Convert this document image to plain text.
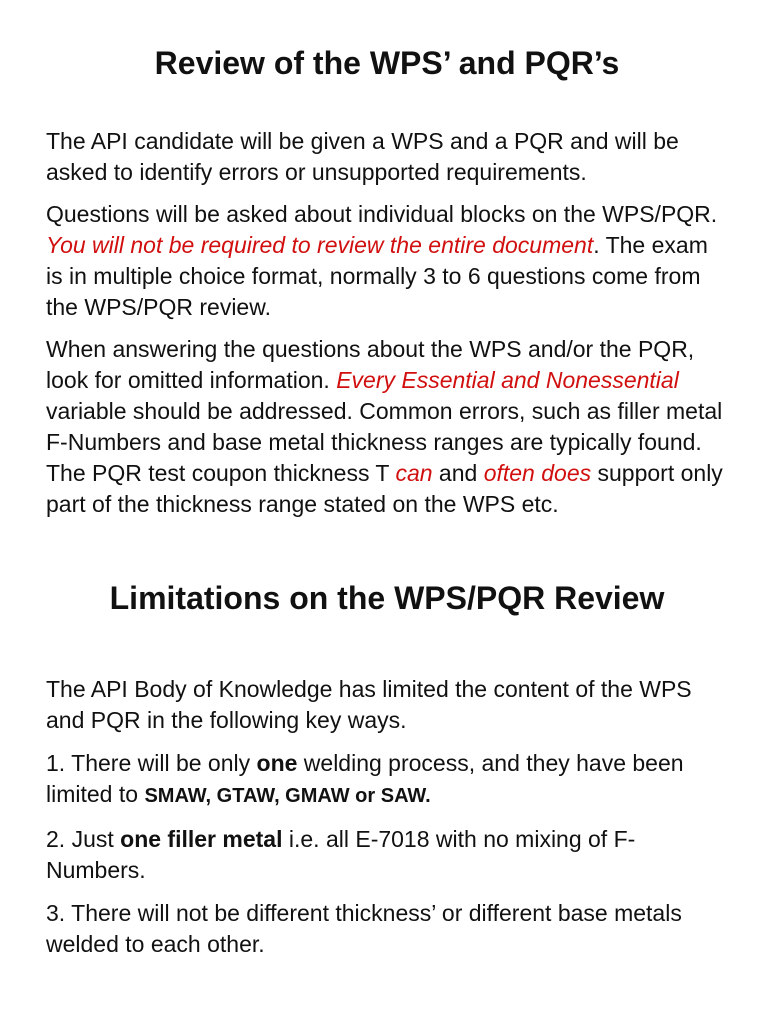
Review of the WPS’ and PQR’s

The API candidate will be given a WPS and a PQR and will be asked to identify errors or unsupported requirements.

Questions will be asked about individual blocks on the WPS/PQR. You will not be required to review the entire document. The exam is in multiple choice format, normally 3 to 6 questions come from the WPS/PQR review.

When answering the questions about the WPS and/or the PQR, look for omitted information. Every Essential and Nonessential variable should be addressed. Common errors, such as filler metal F-Numbers and base metal thickness ranges are typically found. The PQR test coupon thickness T can and often does support only part of the thickness range stated on the WPS etc.

Limitations on the WPS/PQR Review

The API Body of Knowledge has limited the content of the WPS and PQR in the following key ways.

1. There will be only one welding process, and they have been limited to SMAW, GTAW, GMAW or SAW.

2. Just one filler metal i.e. all E-7018 with no mixing of F- Numbers.

3. There will not be different thickness’ or different base metals welded to each other.
